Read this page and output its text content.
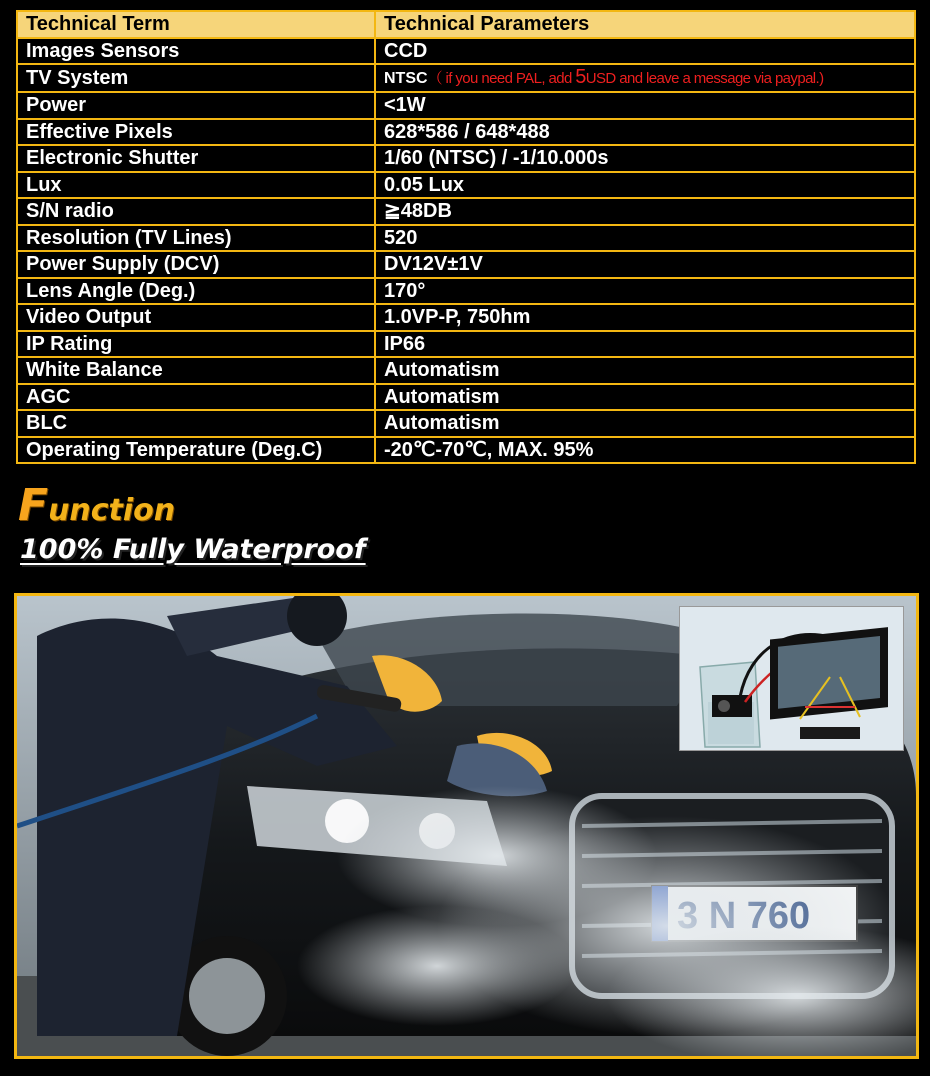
Technical Term	Technical Parameters
Images Sensors	CCD
TV System	NTSC（ if you need PAL, add 5USD and leave a message via paypal.)
Power	<1W
Effective Pixels	628*586 / 648*488
Electronic Shutter	1/60 (NTSC) / -1/10.000s
Lux	0.05 Lux
S/N radio	≧48DB
Resolution (TV Lines)	520
Power Supply (DCV)	DV12V±1V
Lens Angle (Deg.)	170°
Video Output	1.0VP-P, 750hm
IP Rating	IP66
White Balance	Automatism
AGC	Automatism
BLC	Automatism
Operating Temperature (Deg.C)	-20℃-70℃, MAX. 95%
Function
100% Fully Waterproof
